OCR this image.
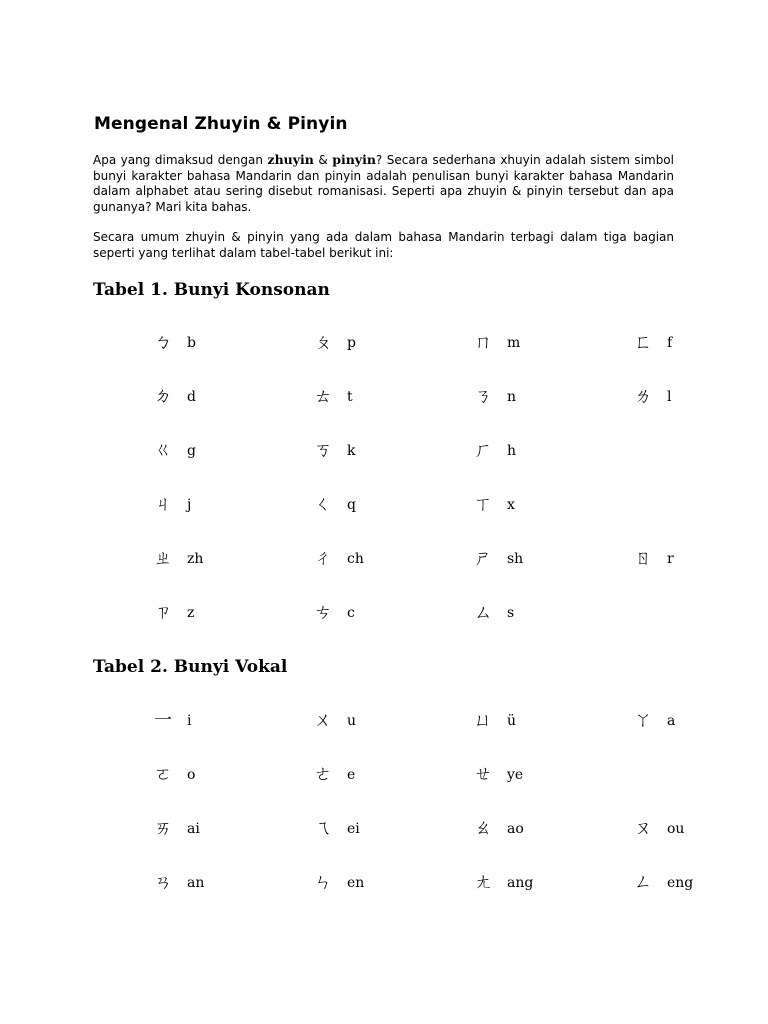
Mengenal Zhuyin & Pinyin

Apa yang dimaksud dengan zhuyin & pinyin? Secara sederhana xhuyin adalah sistem simbol bunyi karakter bahasa Mandarin dan pinyin adalah penulisan bunyi karakter bahasa Mandarin dalam alphabet atau sering disebut romanisasi. Seperti apa zhuyin & pinyin tersebut dan apa gunanya? Mari kita bahas.

Secara umum zhuyin & pinyin yang ada dalam bahasa Mandarin terbagi dalam tiga bagian seperti yang terlihat dalam tabel-tabel berikut ini:

Tabel 1. Bunyi Konsonan
ㄅ b	ㄆ p	ㄇ m	ㄈ f
ㄉ d	ㄊ t	ㄋ n	ㄌ l
ㄍ g	ㄎ k	ㄏ h
ㄐ j	ㄑ q	ㄒ x
ㄓ zh	ㄔ ch	ㄕ sh	ㄖ r
ㄗ z	ㄘ c	ㄙ s
Tabel 2. Bunyi Vokal
一 i	ㄨ u	ㄩ ü	ㄚ a
ㄛ o	ㄜ e	ㄝ ye
ㄞ ai	ㄟ ei	ㄠ ao	ㄡ ou
ㄢ an	ㄣ en	ㄤ ang	ㄥ eng
